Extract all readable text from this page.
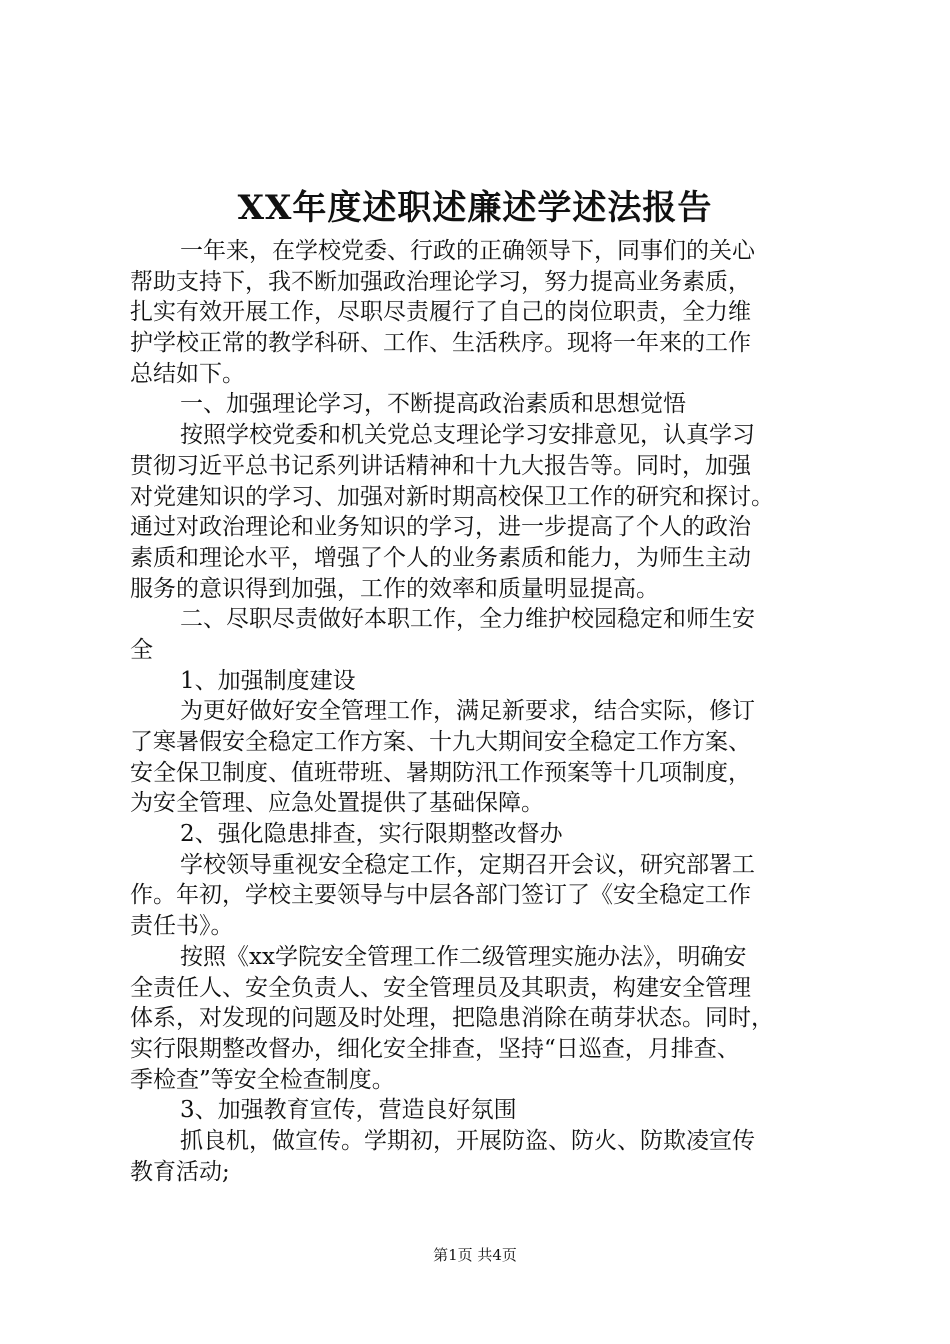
XX年度述职述廉述学述法报告
一年来，在学校党委、行政的正确领导下，同事们的关心
帮助支持下，我不断加强政治理论学习，努力提高业务素质，
扎实有效开展工作，尽职尽责履行了自己的岗位职责，全力维
护学校正常的教学科研、工作、生活秩序。现将一年来的工作
总结如下。
一、加强理论学习，不断提高政治素质和思想觉悟
按照学校党委和机关党总支理论学习安排意见，认真学习
贯彻习近平总书记系列讲话精神和十九大报告等。同时，加强
对党建知识的学习、加强对新时期高校保卫工作的研究和探讨。
通过对政治理论和业务知识的学习，进一步提高了个人的政治
素质和理论水平，增强了个人的业务素质和能力，为师生主动
服务的意识得到加强，工作的效率和质量明显提高。
二、尽职尽责做好本职工作，全力维护校园稳定和师生安
全
1、加强制度建设
为更好做好安全管理工作，满足新要求，结合实际，修订
了寒暑假安全稳定工作方案、十九大期间安全稳定工作方案、
安全保卫制度、值班带班、暑期防汛工作预案等十几项制度，
为安全管理、应急处置提供了基础保障。
2、强化隐患排查，实行限期整改督办
学校领导重视安全稳定工作，定期召开会议，研究部署工
作。年初，学校主要领导与中层各部门签订了《安全稳定工作
责任书》。
按照《xx学院安全管理工作二级管理实施办法》，明确安
全责任人、安全负责人、安全管理员及其职责，构建安全管理
体系，对发现的问题及时处理，把隐患消除在萌芽状态。同时，
实行限期整改督办，细化安全排查，坚持“日巡查，月排查、
季检查”等安全检查制度。
3、加强教育宣传，营造良好氛围
抓良机，做宣传。学期初，开展防盗、防火、防欺凌宣传
教育活动;
第1页 共4页
